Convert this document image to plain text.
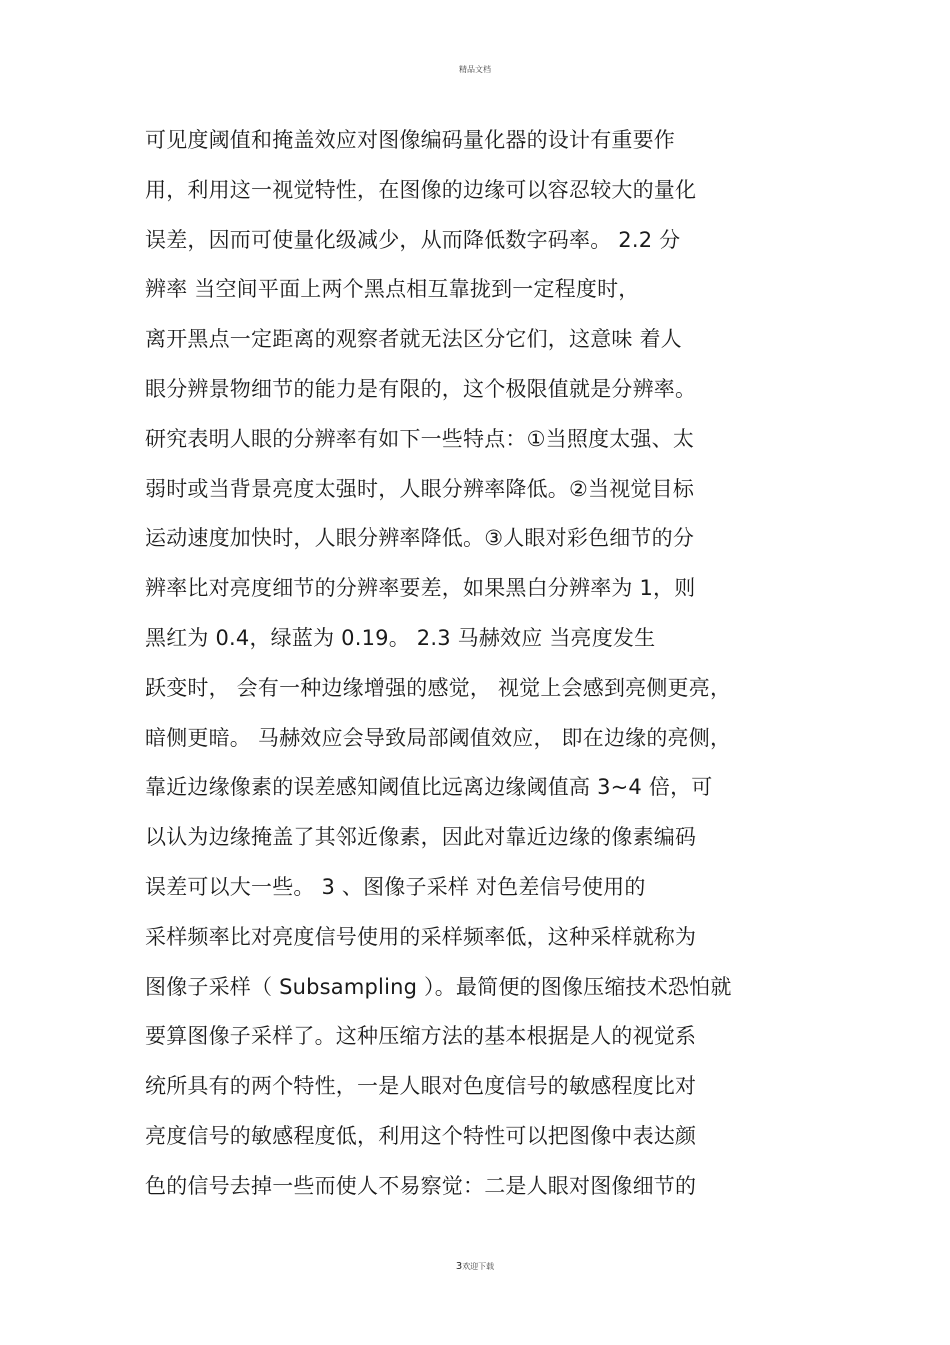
精品文档
可见度阈值和掩盖效应对图像编码量化器的设计有重要作
用，利用这一视觉特性，在图像的边缘可以容忍较大的量化
误差，因而可使量化级减少，从而降低数字码率。 2.2 分
辨率 当空间平面上两个黑点相互靠拢到一定程度时，
离开黑点一定距离的观察者就无法区分它们，这意味 着人
眼分辨景物细节的能力是有限的，这个极限值就是分辨率。
研究表明人眼的分辨率有如下一些特点：①当照度太强、太
弱时或当背景亮度太强时，人眼分辨率降低。②当视觉目标
运动速度加快时，人眼分辨率降低。③人眼对彩色细节的分
辨率比对亮度细节的分辨率要差，如果黑白分辨率为 1，则
黑红为 0.4，绿蓝为 0.19。 2.3 马赫效应 当亮度发生
跃变时， 会有一种边缘增强的感觉， 视觉上会感到亮侧更亮，
暗侧更暗。 马赫效应会导致局部阈值效应， 即在边缘的亮侧，
靠近边缘像素的误差感知阈值比远离边缘阈值高 3~4 倍，可
以认为边缘掩盖了其邻近像素，因此对靠近边缘的像素编码
误差可以大一些。 3 、图像子采样 对色差信号使用的
采样频率比对亮度信号使用的采样频率低，这种采样就称为
图像子采样（ Subsampling ）。最简便的图像压缩技术恐怕就
要算图像子采样了。这种压缩方法的基本根据是人的视觉系
统所具有的两个特性，一是人眼对色度信号的敏感程度比对
亮度信号的敏感程度低，利用这个特性可以把图像中表达颜
色的信号去掉一些而使人不易察觉：二是人眼对图像细节的
3欢迎下载
